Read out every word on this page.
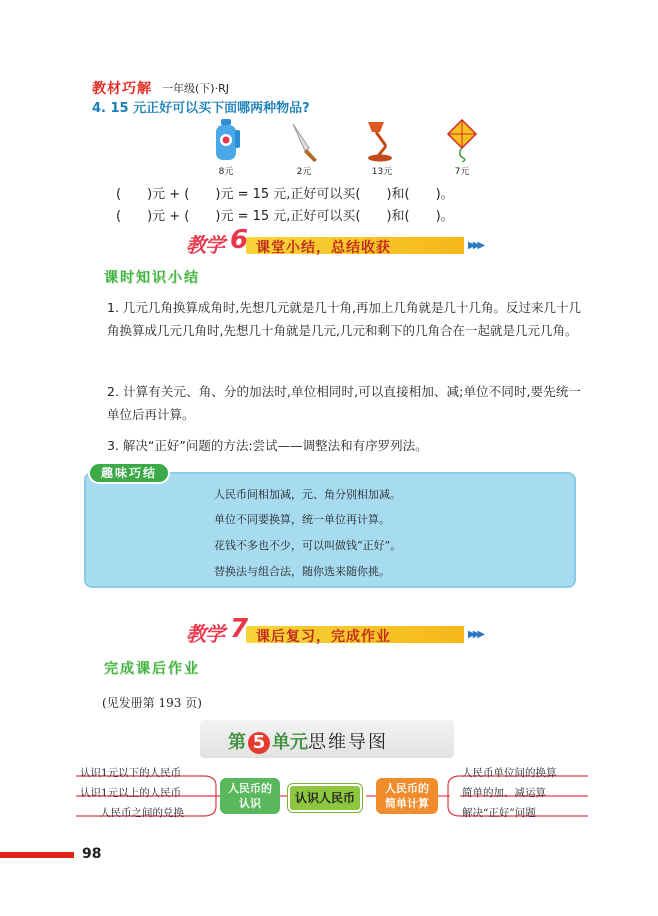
教材巧解 一年级(下)·RJ
4. 15 元正好可以买下面哪两种物品?
8元	2元	13元	7元
(　　)元 + (　　)元 = 15 元,正好可以买(　　)和(　　)。
(　　)元 + (　　)元 = 15 元,正好可以买(　　)和(　　)。
教学 6 课堂小结，总结收获	▶▶▶
课时知识小结
1. 几元几角换算成角时,先想几元就是几十角,再加上几角就是几十几角。反过来几十几角换算成几元几角时,先想几十角就是几元,几元和剩下的几角合在一起就是几元几角。
2. 计算有关元、角、分的加法时,单位相同时,可以直接相加、减;单位不同时,要先统一单位后再计算。
3. 解决“正好”问题的方法:尝试——调整法和有序罗列法。
趣味巧结
人民币间相加减，元、角分别相加减。
单位不同要换算，统一单位再计算。
花钱不多也不少，可以叫做钱“正好”。
替换法与组合法，随你选来随你挑。
教学 7 课后复习，完成作业	▶▶▶
完成课后作业
(见发册第 193 页)
第 5 单元思维导图
认识1元以下的人民币
认识1元以上的人民币
人民币之间的兑换
人民币的认识	认识人民币
人民币的简单计算
人民币单位间的换算
简单的加、减运算
解决“正好”问题
98
